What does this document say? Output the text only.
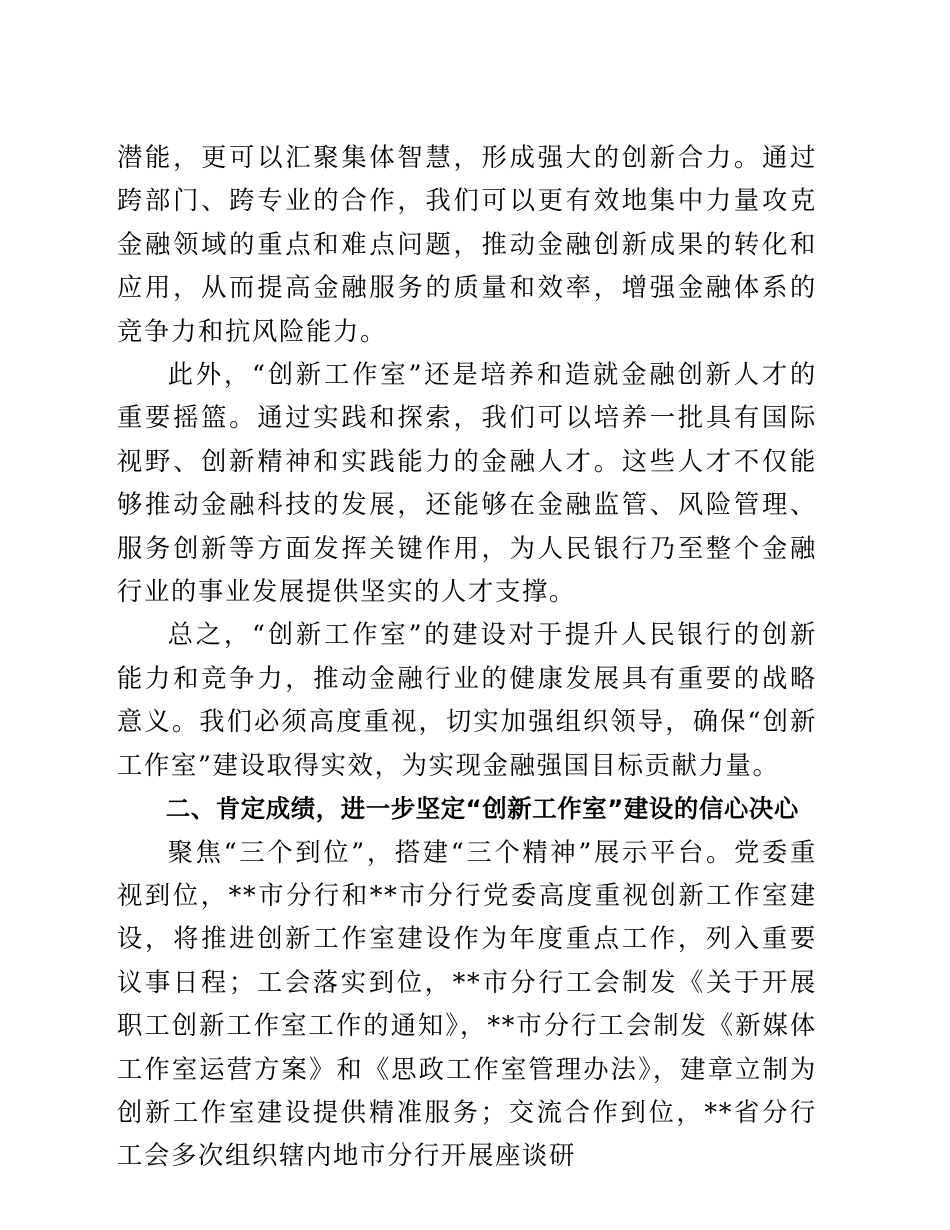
潜能，更可以汇聚集体智慧，形成强大的创新合力。通过跨部门、跨专业的合作，我们可以更有效地集中力量攻克金融领域的重点和难点问题，推动金融创新成果的转化和应用，从而提高金融服务的质量和效率，增强金融体系的竞争力和抗风险能力。

此外，“创新工作室”还是培养和造就金融创新人才的重要摇篮。通过实践和探索，我们可以培养一批具有国际视野、创新精神和实践能力的金融人才。这些人才不仅能够推动金融科技的发展，还能够在金融监管、风险管理、服务创新等方面发挥关键作用，为人民银行乃至整个金融行业的事业发展提供坚实的人才支撑。

总之，“创新工作室”的建设对于提升人民银行的创新能力和竞争力，推动金融行业的健康发展具有重要的战略意义。我们必须高度重视，切实加强组织领导，确保“创新工作室”建设取得实效，为实现金融强国目标贡献力量。

二、肯定成绩，进一步坚定“创新工作室”建设的信心决心

聚焦“三个到位”，搭建“三个精神”展示平台。党委重视到位，**市分行和**市分行党委高度重视创新工作室建设，将推进创新工作室建设作为年度重点工作，列入重要议事日程；工会落实到位，**市分行工会制发《关于开展职工创新工作室工作的通知》，**市分行工会制发《新媒体工作室运营方案》和《思政工作室管理办法》，建章立制为创新工作室建设提供精准服务；交流合作到位，**省分行工会多次组织辖内地市分行开展座谈研
